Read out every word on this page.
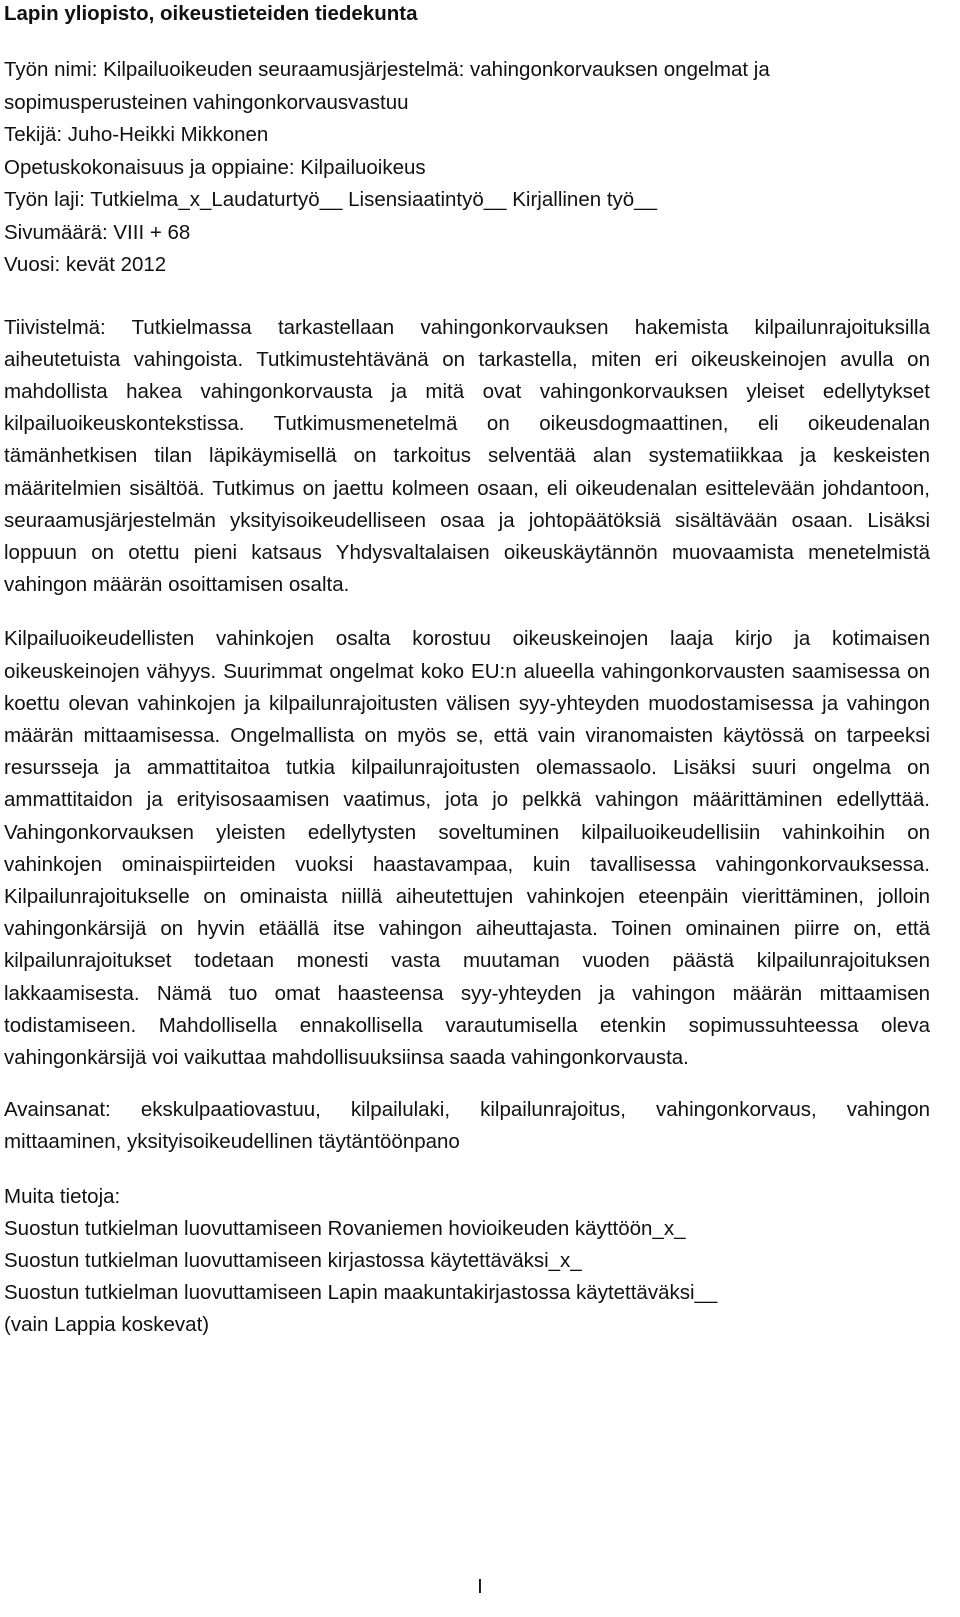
Lapin yliopisto, oikeustieteiden tiedekunta
Työn nimi: Kilpailuoikeuden seuraamusjärjestelmä: vahingonkorvauksen ongelmat ja
sopimusperusteinen vahingonkorvausvastuu
Tekijä: Juho-Heikki Mikkonen
Opetuskokonaisuus ja oppiaine: Kilpailuoikeus
Työn laji: Tutkielma_x_Laudaturtyö__ Lisensiaatintyö__ Kirjallinen työ__
Sivumäärä: VIII + 68
Vuosi: kevät 2012

Tiivistelmä: Tutkielmassa tarkastellaan vahingonkorvauksen hakemista kilpailunrajoituksilla aiheutetuista vahingoista. Tutkimustehtävänä on tarkastella, miten eri oikeuskeinojen avulla on mahdollista hakea vahingonkorvausta ja mitä ovat vahingonkorvauksen yleiset edellytykset kilpailuoikeuskontekstissa. Tutkimusmenetelmä on oikeusdogmaattinen, eli oikeudenalan tämänhetkisen tilan läpikäymisellä on tarkoitus selventää alan systematiikkaa ja keskeisten määritelmien sisältöä. Tutkimus on jaettu kolmeen osaan, eli oikeudenalan esittelevään johdantoon, seuraamusjärjestelmän yksityisoikeudelliseen osaa ja johtopäätöksiä sisältävään osaan. Lisäksi loppuun on otettu pieni katsaus Yhdysvaltalaisen oikeuskäytännön muovaamista menetelmistä vahingon määrän osoittamisen osalta.

Kilpailuoikeudellisten vahinkojen osalta korostuu oikeuskeinojen laaja kirjo ja kotimaisen oikeuskeinojen vähyys. Suurimmat ongelmat koko EU:n alueella vahingonkorvausten saamisessa on koettu olevan vahinkojen ja kilpailunrajoitusten välisen syy-yhteyden muodostamisessa ja vahingon määrän mittaamisessa. Ongelmallista on myös se, että vain viranomaisten käytössä on tarpeeksi resursseja ja ammattitaitoa tutkia kilpailunrajoitusten olemassaolo. Lisäksi suuri ongelma on ammattitaidon ja erityisosaamisen vaatimus, jota jo pelkkä vahingon määrittäminen edellyttää. Vahingonkorvauksen yleisten edellytysten soveltuminen kilpailuoikeudellisiin vahinkoihin on vahinkojen ominaispiirteiden vuoksi haastavampaa, kuin tavallisessa vahingonkorvauksessa. Kilpailunrajoitukselle on ominaista niillä aiheutettujen vahinkojen eteenpäin vierittäminen, jolloin vahingonkärsijä on hyvin etäällä itse vahingon aiheuttajasta. Toinen ominainen piirre on, että kilpailunrajoitukset todetaan monesti vasta muutaman vuoden päästä kilpailunrajoituksen lakkaamisesta. Nämä tuo omat haasteensa syy-yhteyden ja vahingon määrän mittaamisen todistamiseen. Mahdollisella ennakollisella varautumisella etenkin sopimussuhteessa oleva vahingonkärsijä voi vaikuttaa mahdollisuuksiinsa saada vahingonkorvausta.

Avainsanat: ekskulpaatiovastuu, kilpailulaki, kilpailunrajoitus, vahingonkorvaus, vahingon mittaaminen, yksityisoikeudellinen täytäntöönpano

Muita tietoja:
Suostun tutkielman luovuttamiseen Rovaniemen hovioikeuden käyttöön_x_
Suostun tutkielman luovuttamiseen kirjastossa käytettäväksi_x_
Suostun tutkielman luovuttamiseen Lapin maakuntakirjastossa käytettäväksi__
(vain Lappia koskevat)
I
